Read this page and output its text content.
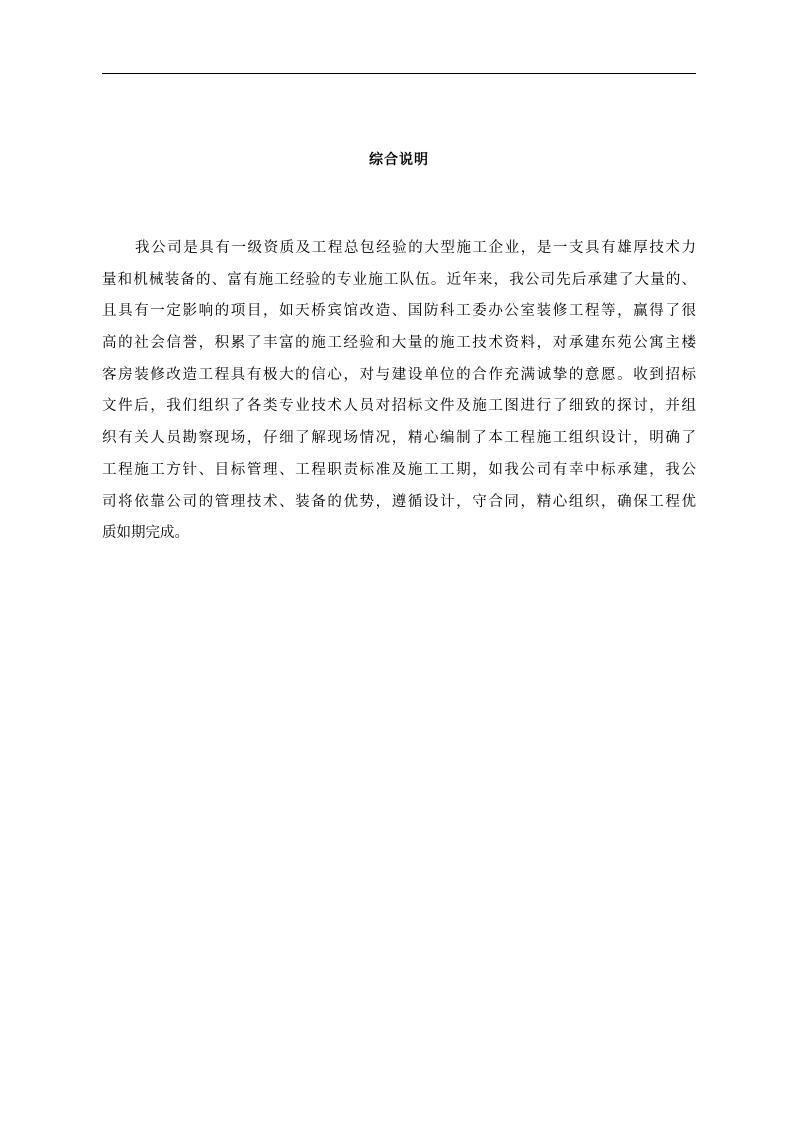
综合说明
我公司是具有一级资质及工程总包经验的大型施工企业，是一支具有雄厚技术力
量和机械装备的、富有施工经验的专业施工队伍。近年来，我公司先后承建了大量的、
且具有一定影响的项目，如天桥宾馆改造、国防科工委办公室装修工程等，赢得了很
高的社会信誉，积累了丰富的施工经验和大量的施工技术资料，对承建东苑公寓主楼
客房装修改造工程具有极大的信心，对与建设单位的合作充满诚挚的意愿。收到招标
文件后，我们组织了各类专业技术人员对招标文件及施工图进行了细致的探讨，并组
织有关人员勘察现场，仔细了解现场情况，精心编制了本工程施工组织设计，明确了
工程施工方针、目标管理、工程职责标准及施工工期，如我公司有幸中标承建，我公
司将依靠公司的管理技术、装备的优势，遵循设计，守合同，精心组织，确保工程优
质如期完成。
